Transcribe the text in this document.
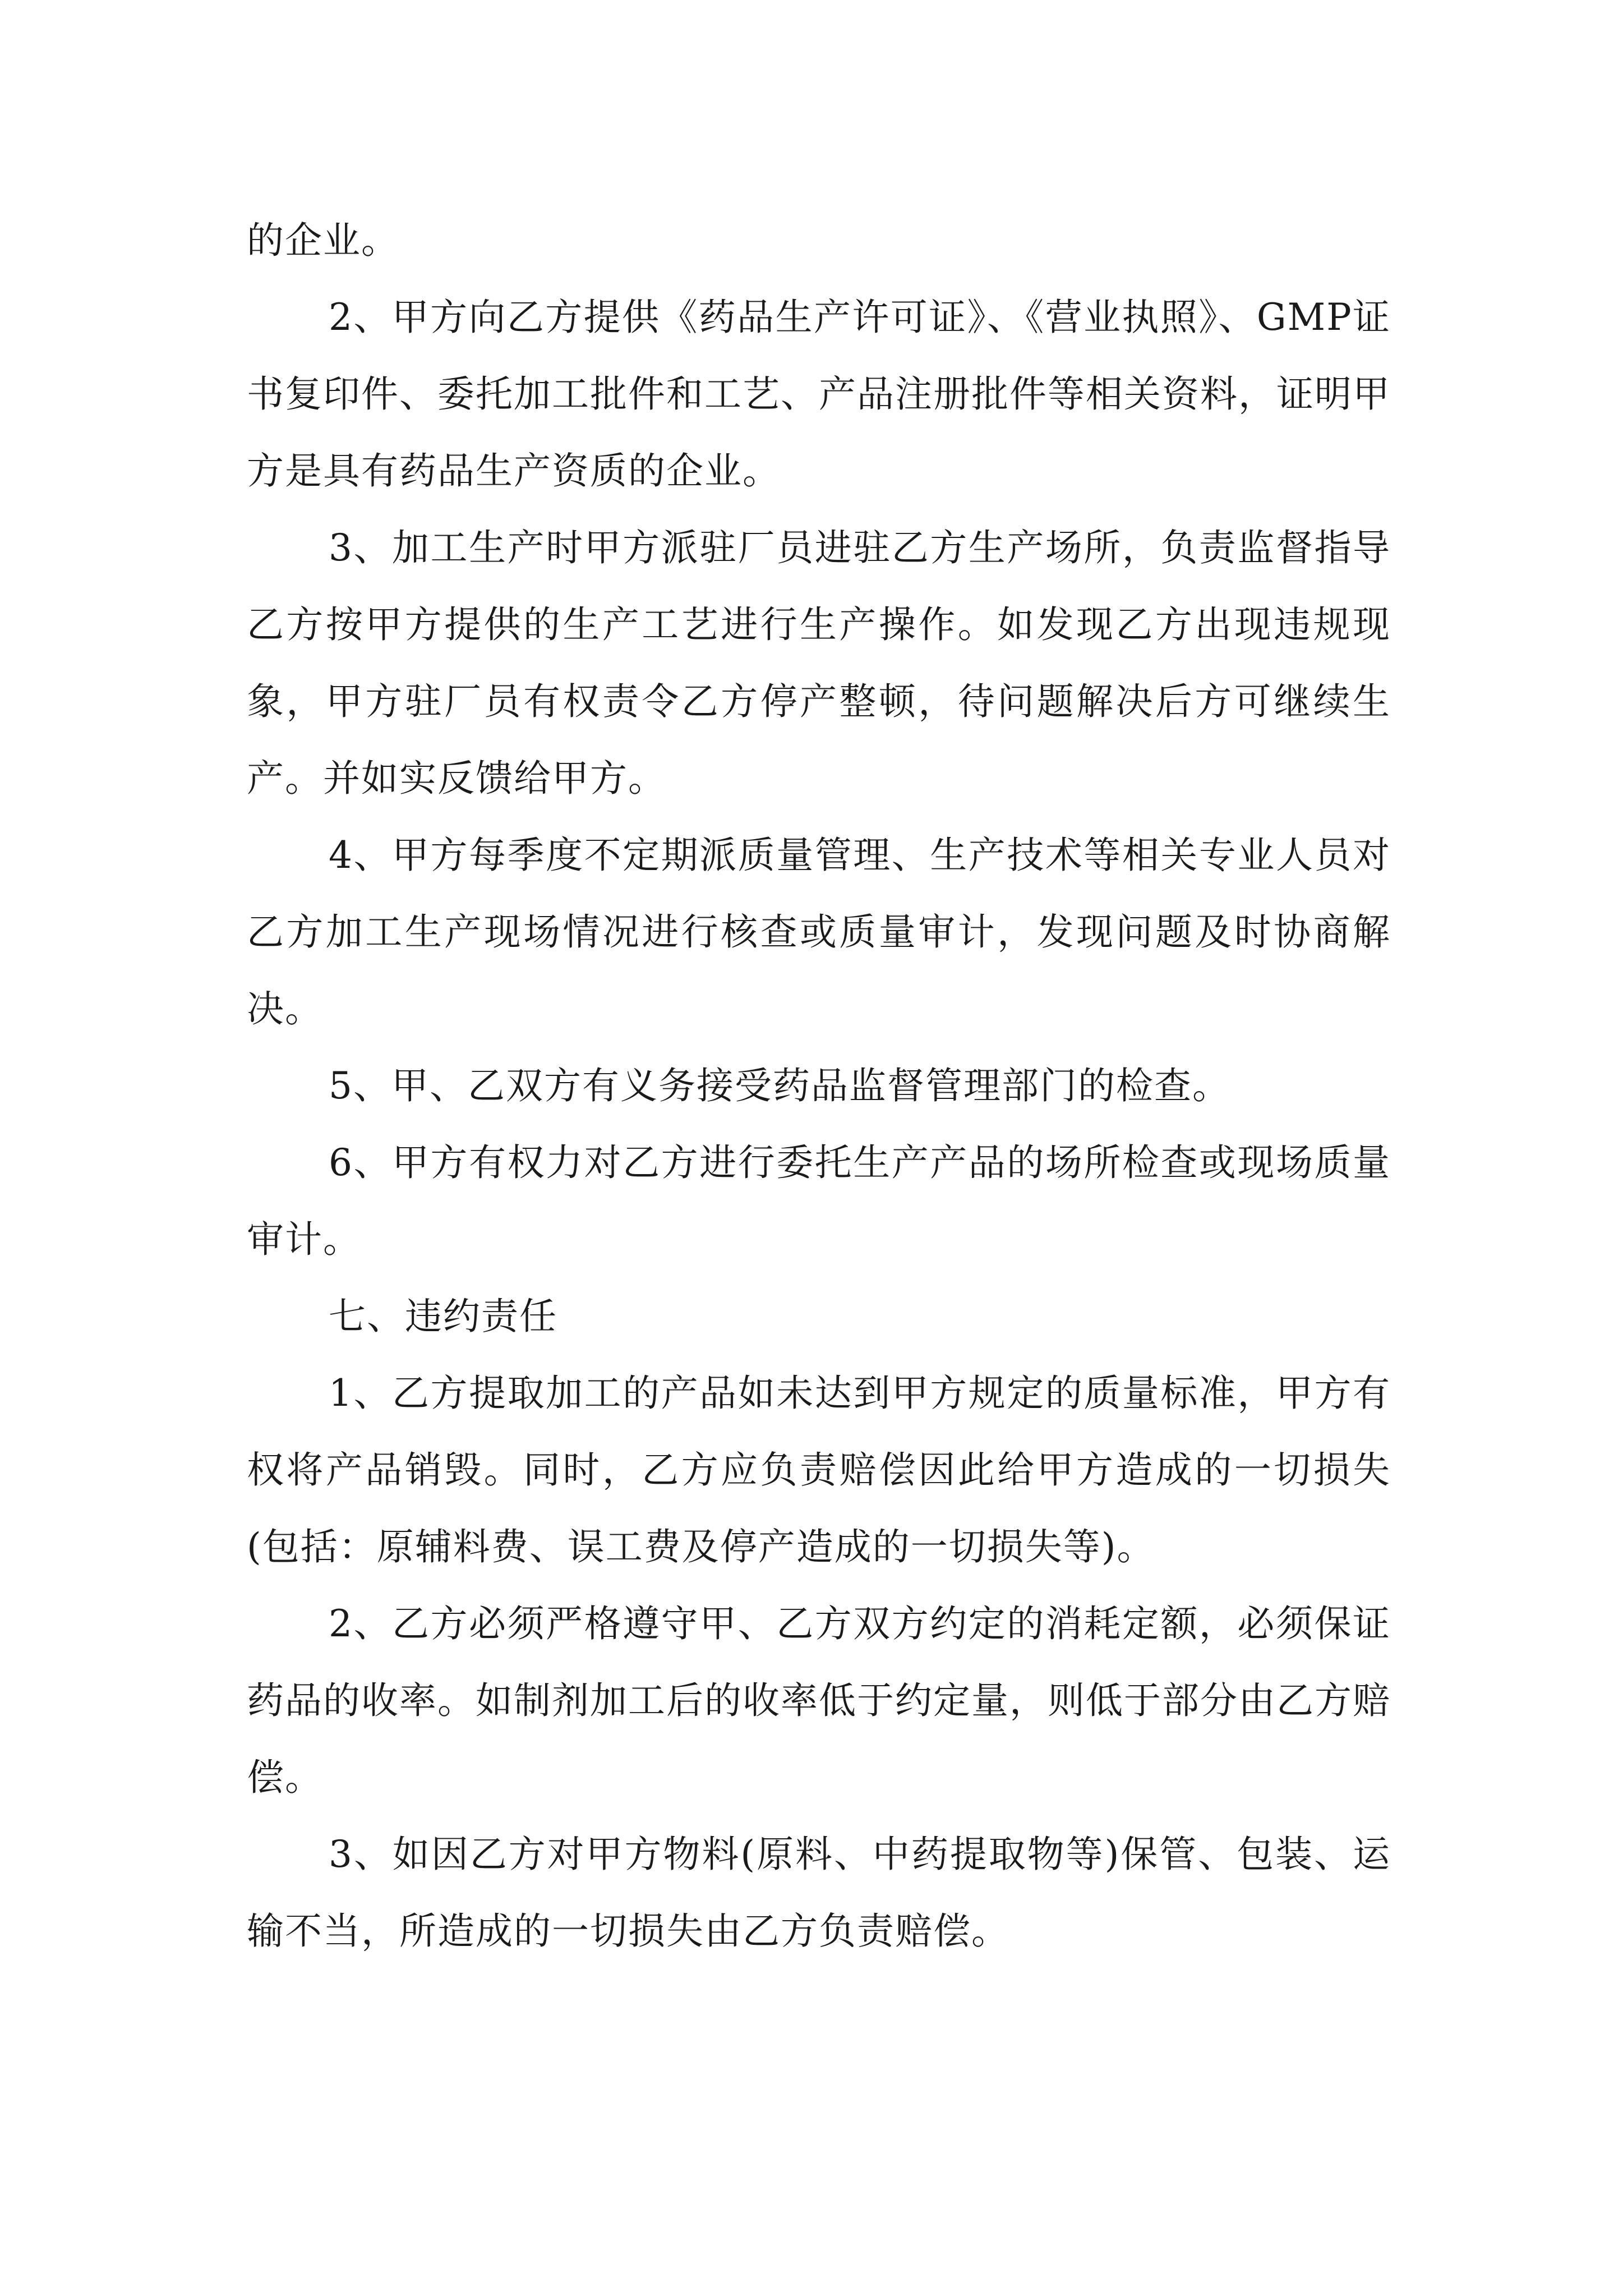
的企业。

2、甲方向乙方提供《药品生产许可证》、《营业执照》、GMP证书复印件、委托加工批件和工艺、产品注册批件等相关资料，证明甲方是具有药品生产资质的企业。

3、加工生产时甲方派驻厂员进驻乙方生产场所，负责监督指导乙方按甲方提供的生产工艺进行生产操作。如发现乙方出现违规现象，甲方驻厂员有权责令乙方停产整顿，待问题解决后方可继续生产。并如实反馈给甲方。

4、甲方每季度不定期派质量管理、生产技术等相关专业人员对乙方加工生产现场情况进行核查或质量审计，发现问题及时协商解决。

5、甲、乙双方有义务接受药品监督管理部门的检查。

6、甲方有权力对乙方进行委托生产产品的场所检查或现场质量审计。

七、违约责任

1、乙方提取加工的产品如未达到甲方规定的质量标准，甲方有权将产品销毁。同时，乙方应负责赔偿因此给甲方造成的一切损失(包括：原辅料费、误工费及停产造成的一切损失等)。

2、乙方必须严格遵守甲、乙方双方约定的消耗定额，必须保证药品的收率。如制剂加工后的收率低于约定量，则低于部分由乙方赔偿。

3、如因乙方对甲方物料(原料、中药提取物等)保管、包装、运输不当，所造成的一切损失由乙方负责赔偿。
